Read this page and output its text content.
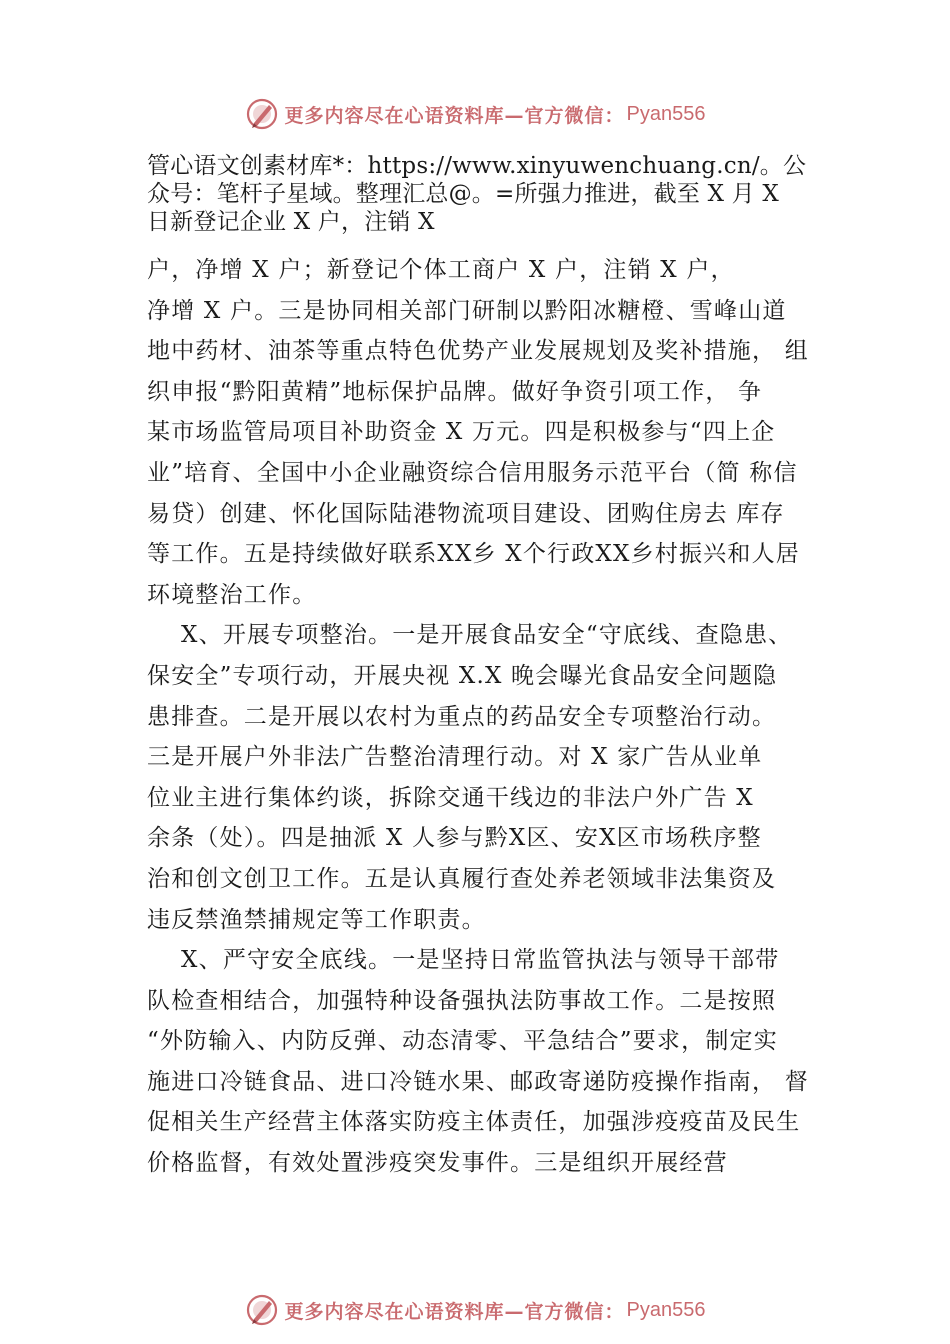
更多内容尽在心语资料库—官方微信： Pyan556
管心语文创素材库*：https://www.xinyuwenchuang.cn/。公
众号：笔杆子星域。整理汇总@。=所强力推进，截至 X 月 X
日新登记企业 X 户，注销 X
户，净增 X 户；新登记个体工商户 X 户，注销 X 户，
净增 X 户。三是协同相关部门研制以黔阳冰糖橙、雪峰山道
地中药材、油茶等重点特色优势产业发展规划及奖补措施， 组
织申报“黔阳黄精”地标保护品牌。做好争资引项工作， 争
某市场监管局项目补助资金 X 万元。四是积极参与“四上企
业”培育、全国中小企业融资综合信用服务示范平台（简 称信
易贷）创建、怀化国际陆港物流项目建设、团购住房去 库存
等工作。五是持续做好联系XX乡 X个行政XX乡村振兴和人居
环境整治工作。
X、开展专项整治。一是开展食品安全“守底线、查隐患、
保安全”专项行动，开展央视 X.X 晚会曝光食品安全问题隐
患排查。二是开展以农村为重点的药品安全专项整治行动。
三是开展户外非法广告整治清理行动。对 X 家广告从业单
位业主进行集体约谈，拆除交通干线边的非法户外广告 X
余条（处）。四是抽派 X 人参与黔X区、安X区市场秩序整
治和创文创卫工作。五是认真履行查处养老领域非法集资及
违反禁渔禁捕规定等工作职责。
X、严守安全底线。一是坚持日常监管执法与领导干部带
队检查相结合，加强特种设备强执法防事故工作。二是按照
“外防输入、内防反弹、动态清零、平急结合”要求，制定实
施进口冷链食品、进口冷链水果、邮政寄递防疫操作指南， 督
促相关生产经营主体落实防疫主体责任，加强涉疫疫苗及民生
价格监督，有效处置涉疫突发事件。三是组织开展经营
更多内容尽在心语资料库—官方微信： Pyan556
